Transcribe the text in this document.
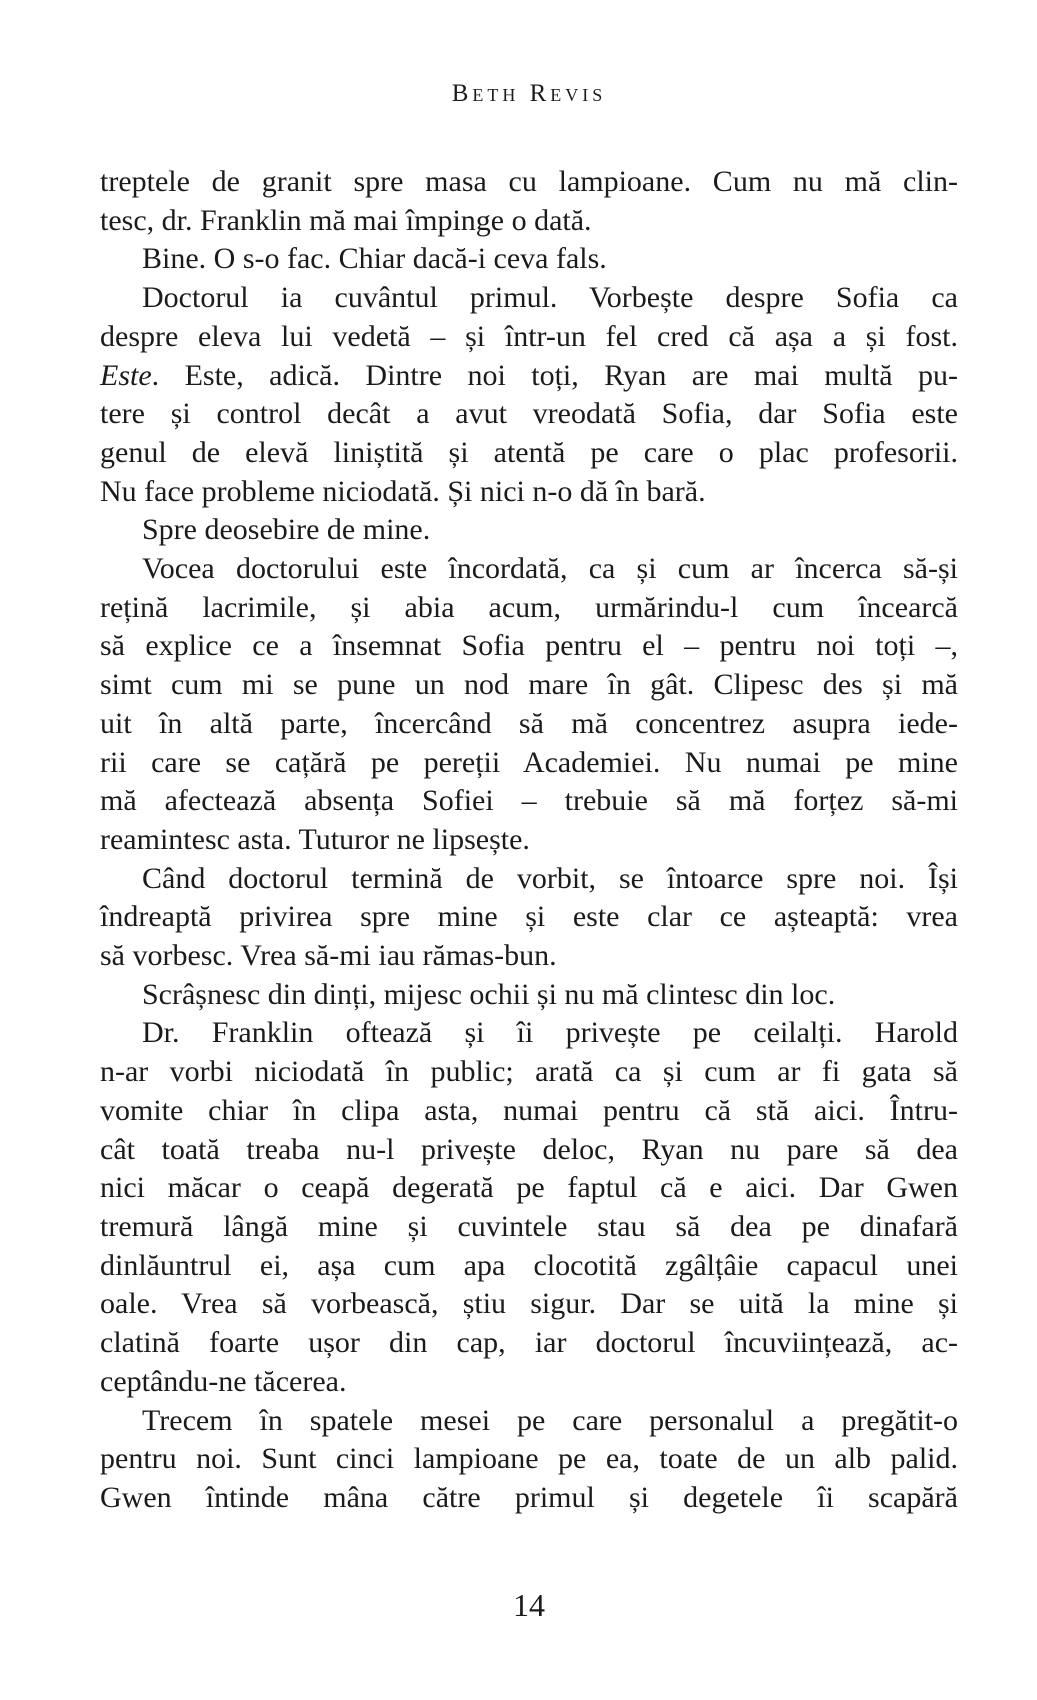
Beth Revis
treptele de granit spre masa cu lampioane. Cum nu mă clin-
tesc, dr. Franklin mă mai împinge o dată.
Bine. O s-o fac. Chiar dacă-i ceva fals.
Doctorul ia cuvântul primul. Vorbește despre Sofia ca
despre eleva lui vedetă – și într-un fel cred că așa a și fost.
Este. Este, adică. Dintre noi toți, Ryan are mai multă pu-
tere și control decât a avut vreodată Sofia, dar Sofia este
genul de elevă liniștită și atentă pe care o plac profesorii.
Nu face probleme niciodată. Și nici n-o dă în bară.
Spre deosebire de mine.
Vocea doctorului este încordată, ca și cum ar încerca să-și
rețină lacrimile, și abia acum, urmărindu-l cum încearcă
să explice ce a însemnat Sofia pentru el – pentru noi toți –,
simt cum mi se pune un nod mare în gât. Clipesc des și mă
uit în altă parte, încercând să mă concentrez asupra iede-
rii care se cațără pe pereții Academiei. Nu numai pe mine
mă afectează absența Sofiei – trebuie să mă forțez să-mi
reamintesc asta. Tuturor ne lipsește.
Când doctorul termină de vorbit, se întoarce spre noi. Își
îndreaptă privirea spre mine și este clar ce așteaptă: vrea
să vorbesc. Vrea să-mi iau rămas-bun.
Scrâșnesc din dinți, mijesc ochii și nu mă clintesc din loc.
Dr. Franklin oftează și îi privește pe ceilalți. Harold
n-ar vorbi niciodată în public; arată ca și cum ar fi gata să
vomite chiar în clipa asta, numai pentru că stă aici. Întru-
cât toată treaba nu-l privește deloc, Ryan nu pare să dea
nici măcar o ceapă degerată pe faptul că e aici. Dar Gwen
tremură lângă mine și cuvintele stau să dea pe dinafară
dinlăuntrul ei, așa cum apa clocotită zgâlțâie capacul unei
oale. Vrea să vorbească, știu sigur. Dar se uită la mine și
clatină foarte ușor din cap, iar doctorul încuviințează, ac-
ceptându-ne tăcerea.
Trecem în spatele mesei pe care personalul a pregătit-o
pentru noi. Sunt cinci lampioane pe ea, toate de un alb palid.
Gwen întinde mâna către primul și degetele îi scapără
14
